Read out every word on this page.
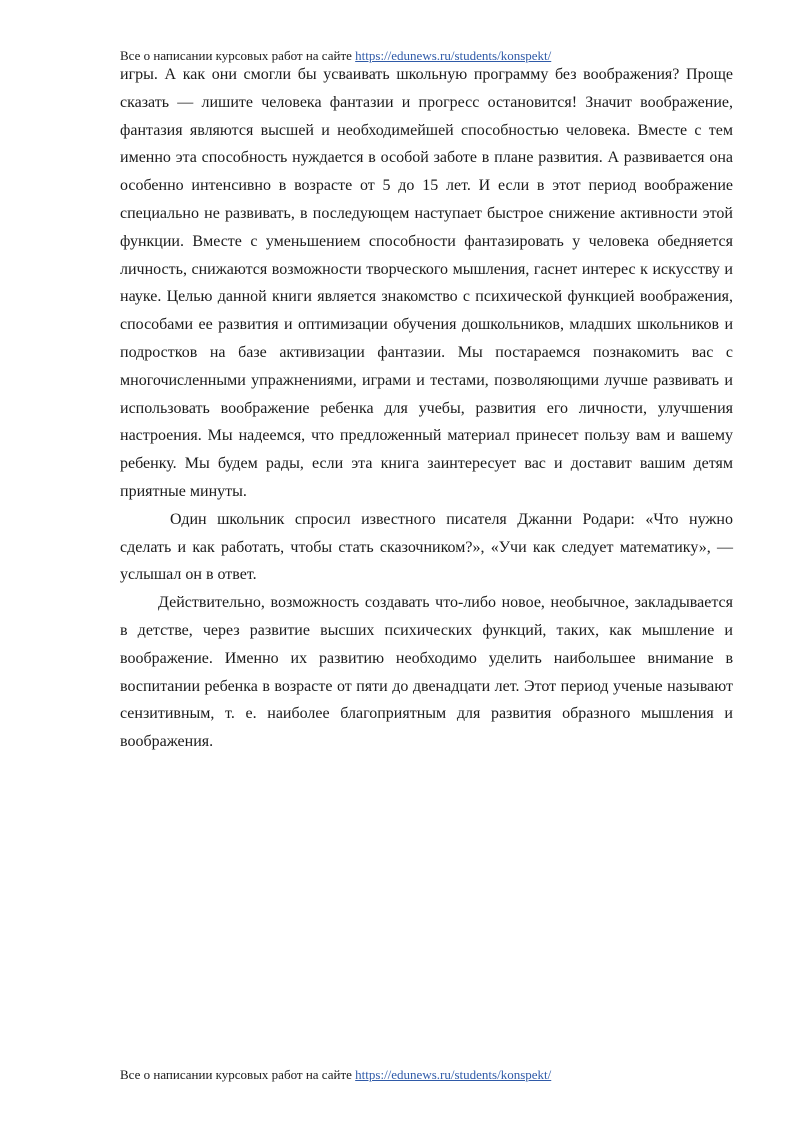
Все о написании курсовых работ на сайте https://edunews.ru/students/konspekt/

игры. А как они смогли бы усваивать школьную программу без воображения? Проще сказать — лишите человека фантазии и прогресс остановится! Значит воображение, фантазия являются высшей и необходимейшей способностью человека. Вместе с тем именно эта способность нуждается в особой заботе в плане развития. А развивается она особенно интенсивно в возрасте от 5 до 15 лет. И если в этот период воображение специально не развивать, в последующем наступает быстрое снижение активности этой функции. Вместе с уменьшением способности фантазировать у человека обедняется личность, снижаются возможности творческого мышления, гаснет интерес к искусству и науке. Целью данной книги является знакомство с психической функцией воображения, способами ее развития и оптимизации обучения дошкольников, младших школьников и подростков на базе активизации фантазии. Мы постараемся познакомить вас с многочисленными упражнениями, играми и тестами, позволяющими лучше развивать и использовать воображение ребенка для учебы, развития его личности, улучшения настроения. Мы надеемся, что предложенный материал принесет пользу вам и вашему ребенку. Мы будем рады, если эта книга заинтересует вас и доставит вашим детям приятные минуты.

Один школьник спросил известного писателя Джанни Родари: «Что нужно сделать и как работать, чтобы стать сказочником?», «Учи как следует математику», — услышал он в ответ.

Действительно, возможность создавать что-либо новое, необычное, закладывается в детстве, через развитие высших психических функций, таких, как мышление и воображение. Именно их развитию необходимо уделить наибольшее внимание в воспитании ребенка в возрасте от пяти до двенадцати лет. Этот период ученые называют сензитивным, т. е. наиболее благоприятным для развития образного мышления и воображения.

Все о написании курсовых работ на сайте https://edunews.ru/students/konspekt/
